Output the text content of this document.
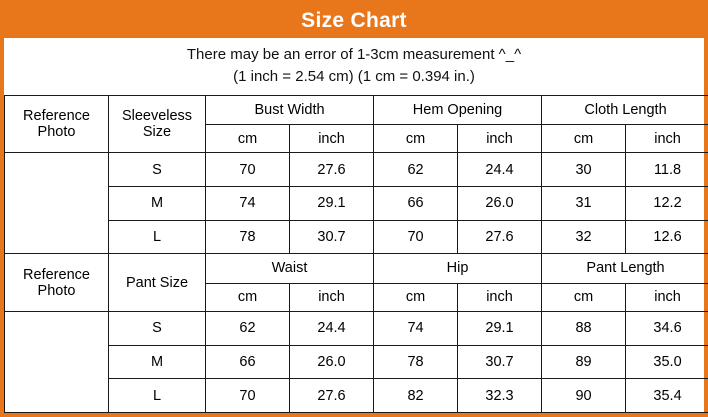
Size Chart
There may be an error of 1-3cm measurement ^_^
(1 inch = 2.54 cm) (1 cm = 0.394 in.)
Reference Photo	Sleeveless Size	Bust Width		Hem Opening		Cloth Length	
		cm	inch	cm	inch	cm	inch

	S	70	27.6	62	24.4	30	11.8
	M	74	29.1	66	26.0	31	12.2
	L	78	30.7	70	27.6	32	12.6
Reference Photo	Pant Size	Waist		Hip		Pant Length	
		cm	inch	cm	inch	cm	inch

	S	62	24.4	74	29.1	88	34.6
	M	66	26.0	78	30.7	89	35.0
	L	70	27.6	82	32.3	90	35.4
